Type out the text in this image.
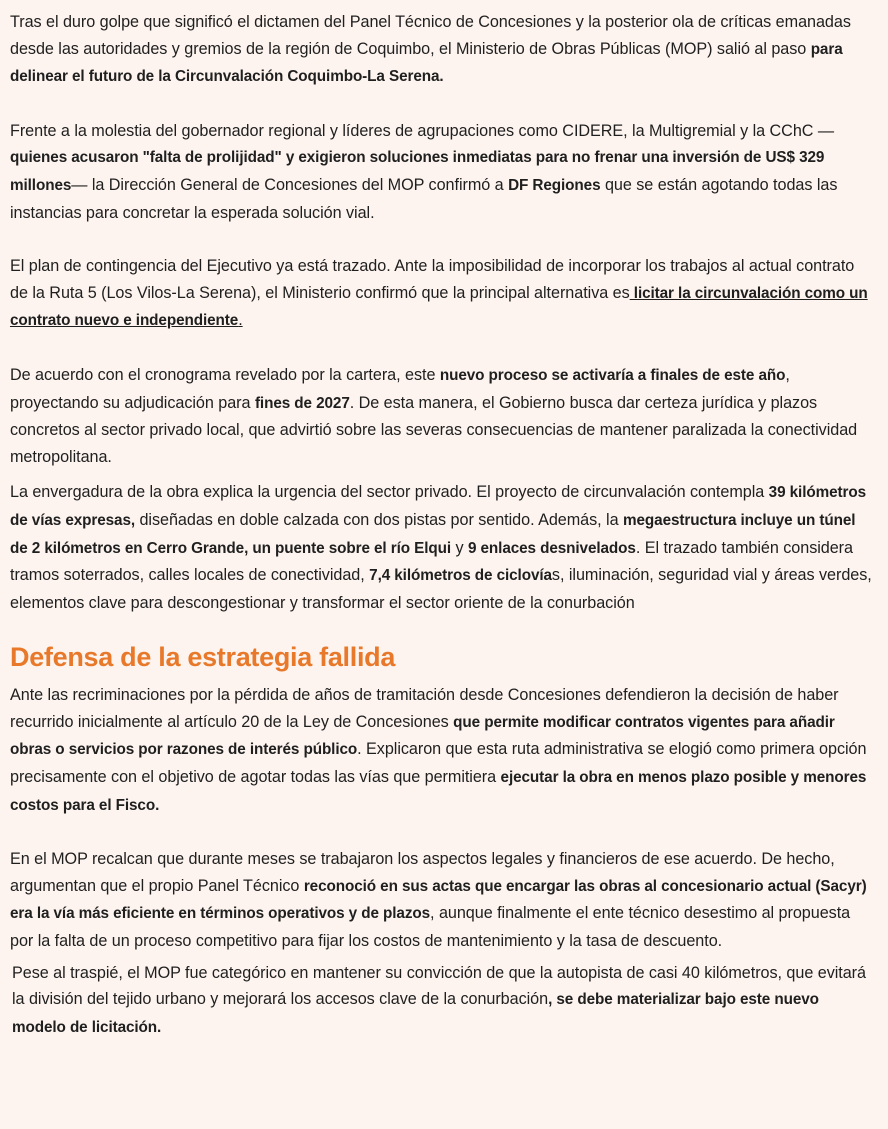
Tras el duro golpe que significó el dictamen del Panel Técnico de Concesiones y la posterior ola de críticas emanadas desde las autoridades y gremios de la región de Coquimbo, el Ministerio de Obras Públicas (MOP) salió al paso para delinear el futuro de la Circunvalación Coquimbo-La Serena.

Frente a la molestia del gobernador regional y líderes de agrupaciones como CIDERE, la Multigremial y la CChC —quienes acusaron "falta de prolijidad" y exigieron soluciones inmediatas para no frenar una inversión de US$ 329 millones— la Dirección General de Concesiones del MOP confirmó a DF Regiones que se están agotando todas las instancias para concretar la esperada solución vial.

El plan de contingencia del Ejecutivo ya está trazado. Ante la imposibilidad de incorporar los trabajos al actual contrato de la Ruta 5 (Los Vilos-La Serena), el Ministerio confirmó que la principal alternativa es licitar la circunvalación como un contrato nuevo e independiente.

De acuerdo con el cronograma revelado por la cartera, este nuevo proceso se activaría a finales de este año, proyectando su adjudicación para fines de 2027. De esta manera, el Gobierno busca dar certeza jurídica y plazos concretos al sector privado local, que advirtió sobre las severas consecuencias de mantener paralizada la conectividad metropolitana.

La envergadura de la obra explica la urgencia del sector privado. El proyecto de circunvalación contempla 39 kilómetros de vías expresas, diseñadas en doble calzada con dos pistas por sentido. Además, la megaestructura incluye un túnel de 2 kilómetros en Cerro Grande, un puente sobre el río Elqui y 9 enlaces desnivelados. El trazado también considera tramos soterrados, calles locales de conectividad, 7,4 kilómetros de ciclovías, iluminación, seguridad vial y áreas verdes, elementos clave para descongestionar y transformar el sector oriente de la conurbación

Defensa de la estrategia fallida

Ante las recriminaciones por la pérdida de años de tramitación desde Concesiones defendieron la decisión de haber recurrido inicialmente al artículo 20 de la Ley de Concesiones que permite modificar contratos vigentes para añadir obras o servicios por razones de interés público. Explicaron que esta ruta administrativa se elogió como primera opción precisamente con el objetivo de agotar todas las vías que permitiera ejecutar la obra en menos plazo posible y menores costos para el Fisco.

En el MOP recalcan que durante meses se trabajaron los aspectos legales y financieros de ese acuerdo. De hecho, argumentan que el propio Panel Técnico reconoció en sus actas que encargar las obras al concesionario actual (Sacyr) era la vía más eficiente en términos operativos y de plazos, aunque finalmente el ente técnico desestimo al propuesta por la falta de un proceso competitivo para fijar los costos de mantenimiento y la tasa de descuento.

Pese al traspié, el MOP fue categórico en mantener su convicción de que la autopista de casi 40 kilómetros, que evitará la división del tejido urbano y mejorará los accesos clave de la conurbación, se debe materializar bajo este nuevo modelo de licitación.
